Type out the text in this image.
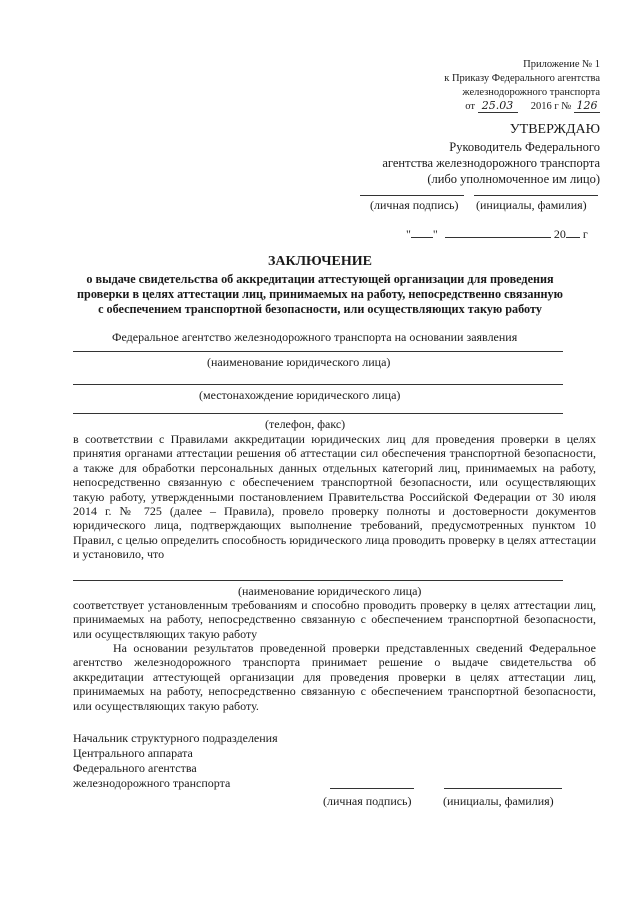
Приложение № 1
к Приказу Федерального агентства
железнодорожного транспорта
от 25.03 2016 г № 126
УТВЕРЖДАЮ
Руководитель Федерального
агентства железнодорожного транспорта
(либо уполномоченное им лицо)
(личная подпись) (инициалы, фамилия)
" "	20 г
ЗАКЛЮЧЕНИЕ
о выдаче свидетельства об аккредитации аттестующей организации для проведения
проверки в целях аттестации лиц, принимаемых на работу, непосредственно связанную
с обеспечением транспортной безопасности, или осуществляющих такую работу
Федеральное агентство железнодорожного транспорта на основании заявления
(наименование юридического лица)
(местонахождение юридического лица)
(телефон, факс)
в соответствии с Правилами аккредитации юридических лиц для проведения проверки в целях принятия органами аттестации решения об аттестации сил обеспечения транспортной безопасности, а также для обработки персональных данных отдельных категорий лиц, принимаемых на работу, непосредственно связанную с обеспечением транспортной безопасности, или осуществляющих такую работу, утвержденными постановлением Правительства Российской Федерации от 30 июля 2014 г. № 725 (далее – Правила), провело проверку полноты и достоверности документов юридического лица, подтверждающих выполнение требований, предусмотренных пунктом 10 Правил, с целью определить способность юридического лица проводить проверку в целях аттестации и установило, что
(наименование юридического лица)
соответствует установленным требованиям и способно проводить проверку в целях аттестации лиц, принимаемых на работу, непосредственно связанную с обеспечением транспортной безопасности, или осуществляющих такую работу
На основании результатов проведенной проверки представленных сведений Федеральное агентство железнодорожного транспорта принимает решение о выдаче свидетельства об аккредитации аттестующей организации для проведения проверки в целях аттестации лиц, принимаемых на работу, непосредственно связанную с обеспечением транспортной безопасности, или осуществляющих такую работу.
Начальник структурного подразделения
Центрального аппарата
Федерального агентства
железнодорожного транспорта
(личная подпись)	(инициалы, фамилия)
